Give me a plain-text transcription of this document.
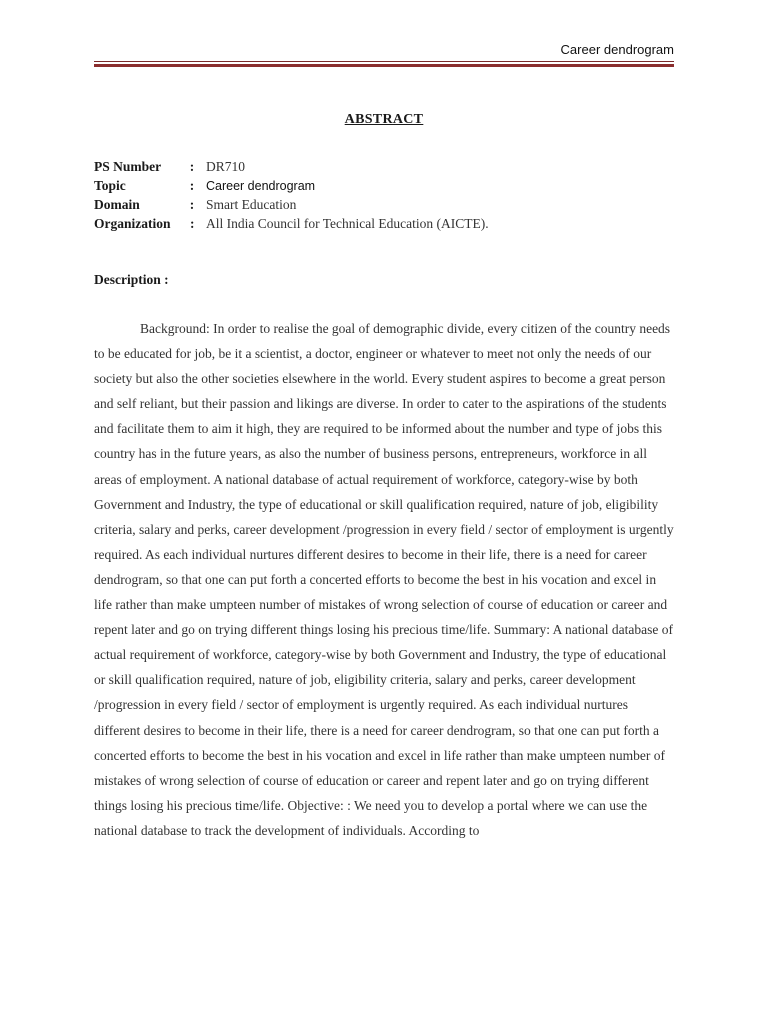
Career dendrogram
ABSTRACT
PS Number	: DR710
Topic	: Career dendrogram
Domain	: Smart Education
Organization	: All India Council for Technical Education (AICTE).
Description :

Background: In order to realise the goal of demographic divide, every citizen of the country needs to be educated for job, be it a scientist, a doctor, engineer or whatever to meet not only the needs of our society but also the other societies elsewhere in the world. Every student aspires to become a great person and self reliant, but their passion and likings are diverse. In order to cater to the aspirations of the students and facilitate them to aim it high, they are required to be informed about the number and type of jobs this country has in the future years, as also the number of business persons, entrepreneurs, workforce in all areas of employment. A national database of actual requirement of workforce, category-wise by both Government and Industry, the type of educational or skill qualification required, nature of job, eligibility criteria, salary and perks, career development /progression in every field / sector of employment is urgently required. As each individual nurtures different desires to become in their life, there is a need for career dendrogram, so that one can put forth a concerted efforts to become the best in his vocation and excel in life rather than make umpteen number of mistakes of wrong selection of course of education or career and repent later and go on trying different things losing his precious time/life. Summary: A national database of actual requirement of workforce, category-wise by both Government and Industry, the type of educational or skill qualification required, nature of job, eligibility criteria, salary and perks, career development /progression in every field / sector of employment is urgently required. As each individual nurtures different desires to become in their life, there is a need for career dendrogram, so that one can put forth a concerted efforts to become the best in his vocation and excel in life rather than make umpteen number of mistakes of wrong selection of course of education or career and repent later and go on trying different things losing his precious time/life. Objective: : We need you to develop a portal where we can use the national database to track the development of individuals. According to
